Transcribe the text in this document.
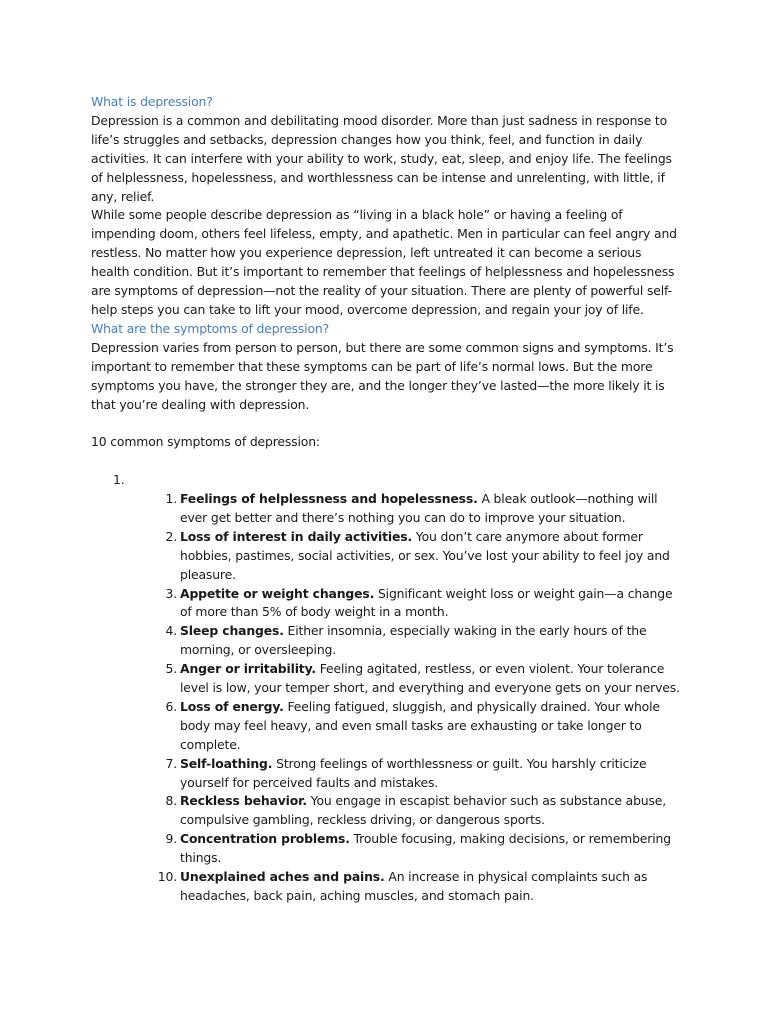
What is depression?

Depression is a common and debilitating mood disorder. More than just sadness in response to life’s struggles and setbacks, depression changes how you think, feel, and function in daily activities. It can interfere with your ability to work, study, eat, sleep, and enjoy life. The feelings of helplessness, hopelessness, and worthlessness can be intense and unrelenting, with little, if any, relief.

While some people describe depression as “living in a black hole” or having a feeling of impending doom, others feel lifeless, empty, and apathetic. Men in particular can feel angry and restless. No matter how you experience depression, left untreated it can become a serious health condition. But it’s important to remember that feelings of helplessness and hopelessness are symptoms of depression—not the reality of your situation. There are plenty of powerful self-help steps you can take to lift your mood, overcome depression, and regain your joy of life.

What are the symptoms of depression?

Depression varies from person to person, but there are some common signs and symptoms. It’s important to remember that these symptoms can be part of life’s normal lows. But the more symptoms you have, the stronger they are, and the longer they’ve lasted—the more likely it is that you’re dealing with depression.

10 common symptoms of depression:

1.
1. Feelings of helplessness and hopelessness. A bleak outlook—nothing will ever get better and there’s nothing you can do to improve your situation.
2. Loss of interest in daily activities. You don’t care anymore about former hobbies, pastimes, social activities, or sex. You’ve lost your ability to feel joy and pleasure.
3. Appetite or weight changes. Significant weight loss or weight gain—a change of more than 5% of body weight in a month.
4. Sleep changes. Either insomnia, especially waking in the early hours of the morning, or oversleeping.
5. Anger or irritability. Feeling agitated, restless, or even violent. Your tolerance level is low, your temper short, and everything and everyone gets on your nerves.
6. Loss of energy. Feeling fatigued, sluggish, and physically drained. Your whole body may feel heavy, and even small tasks are exhausting or take longer to complete.
7. Self-loathing. Strong feelings of worthlessness or guilt. You harshly criticize yourself for perceived faults and mistakes.
8. Reckless behavior. You engage in escapist behavior such as substance abuse, compulsive gambling, reckless driving, or dangerous sports.
9. Concentration problems. Trouble focusing, making decisions, or remembering things.
10. Unexplained aches and pains. An increase in physical complaints such as headaches, back pain, aching muscles, and stomach pain.
